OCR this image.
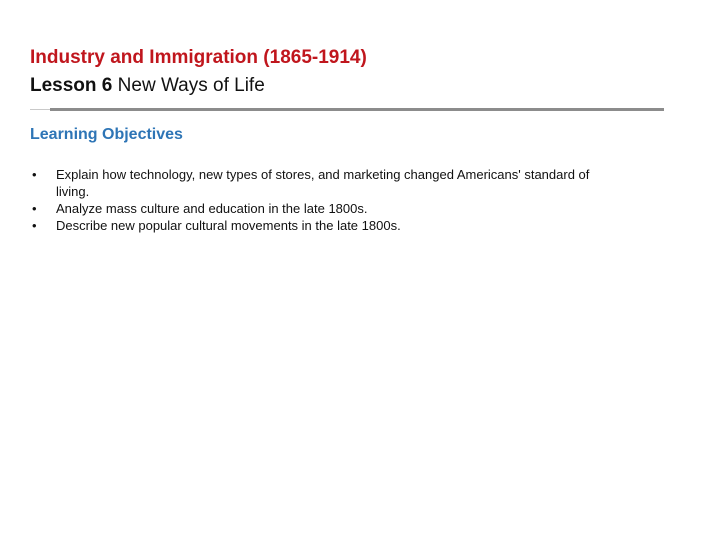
Industry and Immigration (1865-1914)
Lesson 6 New Ways of Life
Learning Objectives
•	Explain how technology, new types of stores, and marketing changed Americans' standard of living.
•	Analyze mass culture and education in the late 1800s.
•	Describe new popular cultural movements in the late 1800s.
